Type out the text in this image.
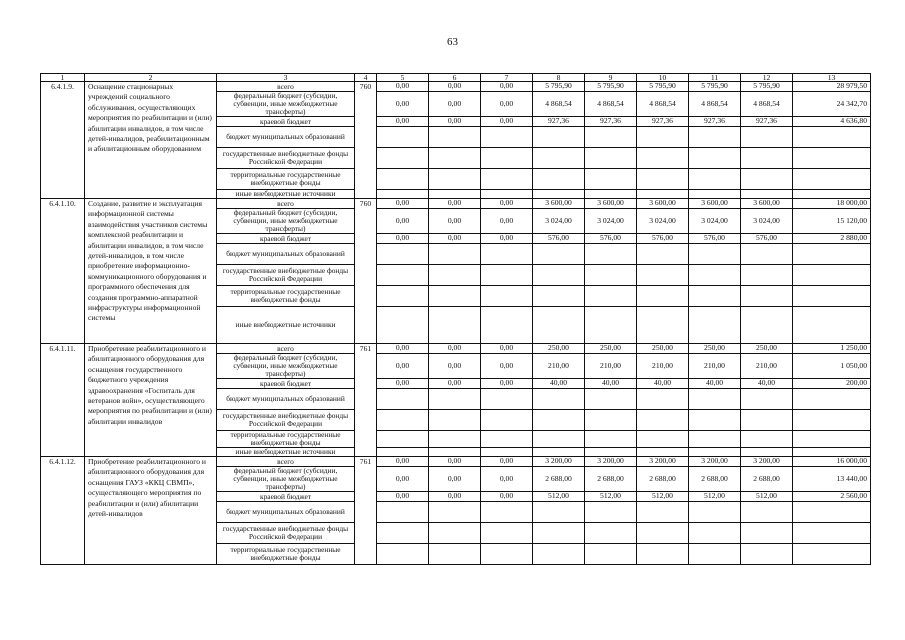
63
1	2	3	4	5	6	7	8	9	10	11	12	13
6.4.1.9.	Оснащение стационарных учреждений социального обслуживания, осуществляющих мероприятия по реабилитации и (или) абилитации инвалидов, в том числе детей-инвалидов, реабилитационным и абилитационным оборудованием	всего	760	0,00	0,00	0,00	5 795,90	5 795,90	5 795,90	5 795,90	5 795,90	28 979,50
		федеральный бюджет (субсидии, субвенции, иные межбюджетные трансферты)		0,00	0,00	0,00	4 868,54	4 868,54	4 868,54	4 868,54	4 868,54	24 342,70
		краевой бюджет		0,00	0,00	0,00	927,36	927,36	927,36	927,36	927,36	4 636,80
		бюджет муниципальных образований										
		государственные внебюджетные фонды Российской Федерации										
		территориальные государственные внебюджетные фонды										
		иные внебюджетные источники										
6.4.1.10.	Создание, развитие и эксплуатация информационной системы взаимодействия участников системы комплексной реабилитации и абилитации инвалидов, в том числе детей-инвалидов, в том числе приобретение информационно-коммуникационного оборудования и программного обеспечения для создания программно-аппаратной инфраструктуры информационной системы	всего	760	0,00	0,00	0,00	3 600,00	3 600,00	3 600,00	3 600,00	3 600,00	18 000,00
		федеральный бюджет (субсидии, субвенции, иные межбюджетные трансферты)		0,00	0,00	0,00	3 024,00	3 024,00	3 024,00	3 024,00	3 024,00	15 120,00
		краевой бюджет		0,00	0,00	0,00	576,00	576,00	576,00	576,00	576,00	2 880,00
		бюджет муниципальных образований										
		государственные внебюджетные фонды Российской Федерации										
		территориальные государственные внебюджетные фонды										
		иные внебюджетные источники										
6.4.1.11.	Приобретение реабилитационного и абилитационного оборудования для оснащения государственного бюджетного учреждения здравоохранения «Госпиталь для ветеранов войн», осуществляющего мероприятия по реабилитации и (или) абилитации инвалидов	всего	761	0,00	0,00	0,00	250,00	250,00	250,00	250,00	250,00	1 250,00
		федеральный бюджет (субсидии, субвенции, иные межбюджетные трансферты)		0,00	0,00	0,00	210,00	210,00	210,00	210,00	210,00	1 050,00
		краевой бюджет		0,00	0,00	0,00	40,00	40,00	40,00	40,00	40,00	200,00
		бюджет муниципальных образований										
		государственные внебюджетные фонды Российской Федерации										
		территориальные государственные внебюджетные фонды										
		иные внебюджетные источники										
6.4.1.12.	Приобретение реабилитационного и абилитационного оборудования для оснащения ГАУЗ «ККЦ СВМП», осуществляющего мероприятия по реабилитации и (или) абилитации детей-инвалидов	всего	761	0,00	0,00	0,00	3 200,00	3 200,00	3 200,00	3 200,00	3 200,00	16 000,00
		федеральный бюджет (субсидии, субвенции, иные межбюджетные трансферты)		0,00	0,00	0,00	2 688,00	2 688,00	2 688,00	2 688,00	2 688,00	13 440,00
		краевой бюджет		0,00	0,00	0,00	512,00	512,00	512,00	512,00	512,00	2 560,00
		бюджет муниципальных образований										
		государственные внебюджетные фонды Российской Федерации										
		территориальные государственные внебюджетные фонды										
